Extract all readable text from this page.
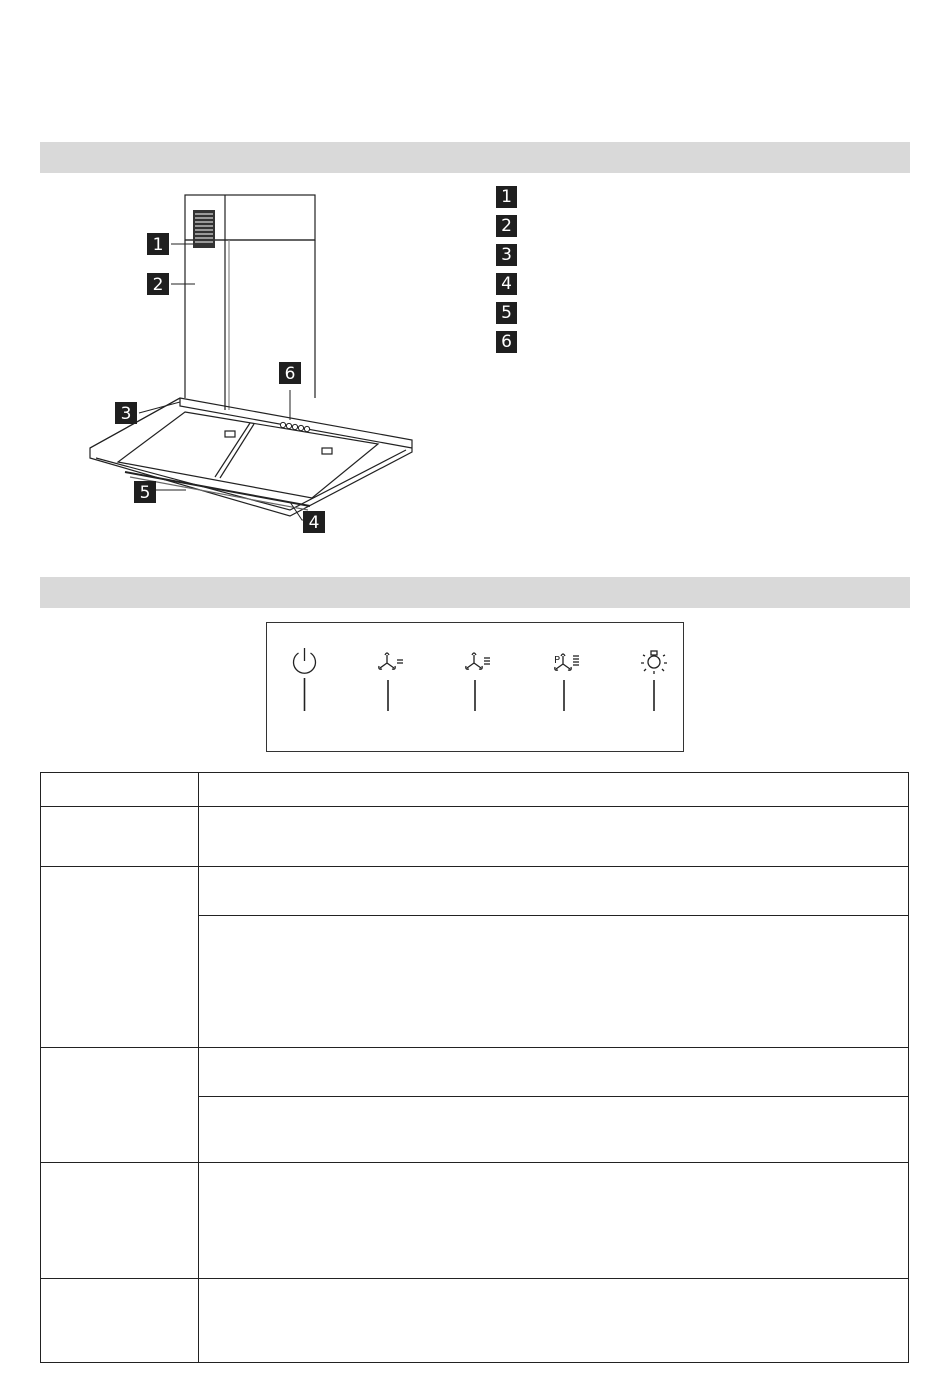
1
2
3
4
5
6
1
2
3
4
5
6
P
